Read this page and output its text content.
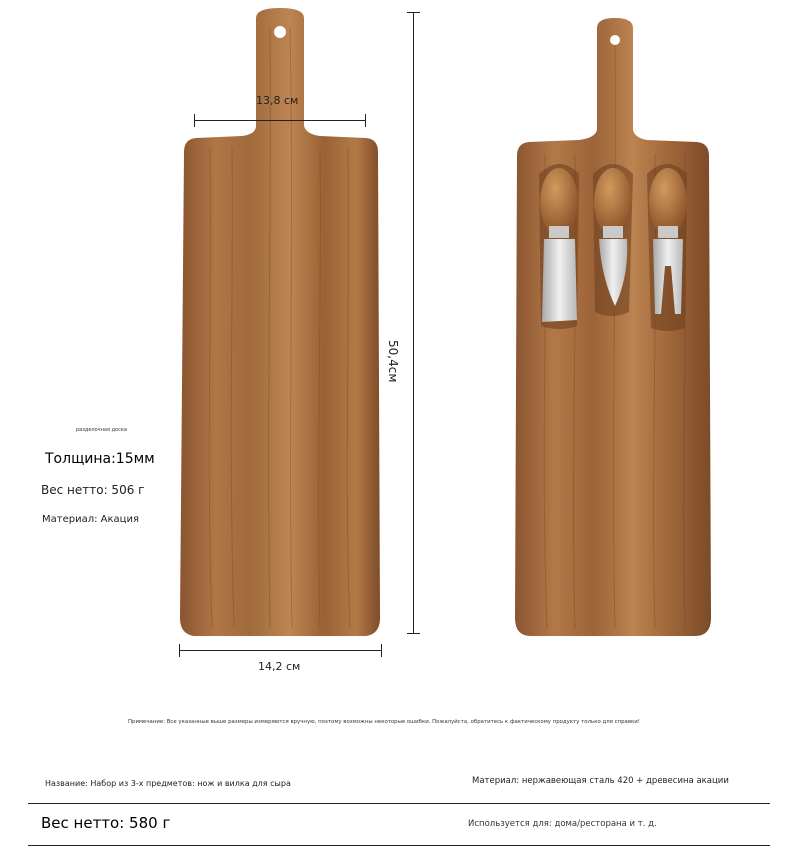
13,8 см
50,4см
14,2 см
разделочная доска
Толщина:15мм
Вес нетто: 506 г
Материал: Акация
Примечание: Все указанные выше размеры измеряются вручную, поэтому возможны некоторые ошибки. Пожалуйста, обратитесь к фактическому продукту только для справки!
Название: Набор из 3-х предметов: нож и вилка для сыра	Материал: нержавеющая сталь 420 + древесина акации
Вес нетто: 580 г	Используется для: дома/ресторана и т. д.
